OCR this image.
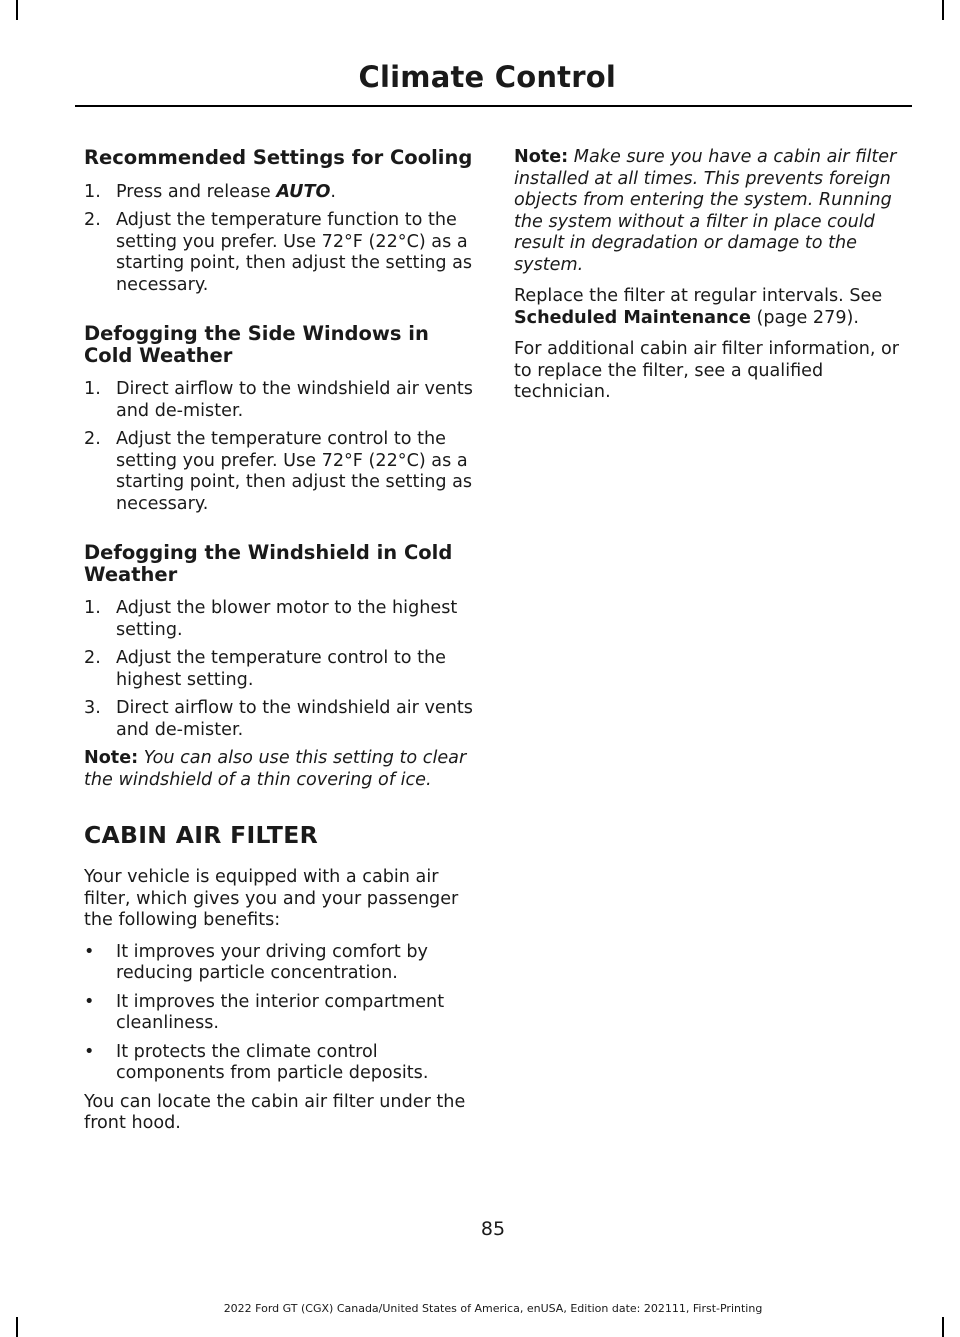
Climate Control
Recommended Settings for Cooling
1. Press and release AUTO.
2. Adjust the temperature function to the setting you prefer. Use 72°F (22°C) as a starting point, then adjust the setting as necessary.
Defogging the Side Windows in Cold Weather
1. Direct airflow to the windshield air vents and de-mister.
2. Adjust the temperature control to the setting you prefer. Use 72°F (22°C) as a starting point, then adjust the setting as necessary.
Defogging the Windshield in Cold Weather
1. Adjust the blower motor to the highest setting.
2. Adjust the temperature control to the highest setting.
3. Direct airflow to the windshield air vents and de-mister.

Note: You can also use this setting to clear the windshield of a thin covering of ice.

CABIN AIR FILTER

Your vehicle is equipped with a cabin air filter, which gives you and your passenger the following benefits:

• It improves your driving comfort by reducing particle concentration.
• It improves the interior compartment cleanliness.
• It protects the climate control components from particle deposits.

You can locate the cabin air filter under the front hood.

Note: Make sure you have a cabin air filter installed at all times. This prevents foreign objects from entering the system. Running the system without a filter in place could result in degradation or damage to the system.

Replace the filter at regular intervals. See Scheduled Maintenance (page 279).

For additional cabin air filter information, or to replace the filter, see a qualified technician.

85
2022 Ford GT (CGX) Canada/United States of America, enUSA, Edition date: 202111, First-Printing
